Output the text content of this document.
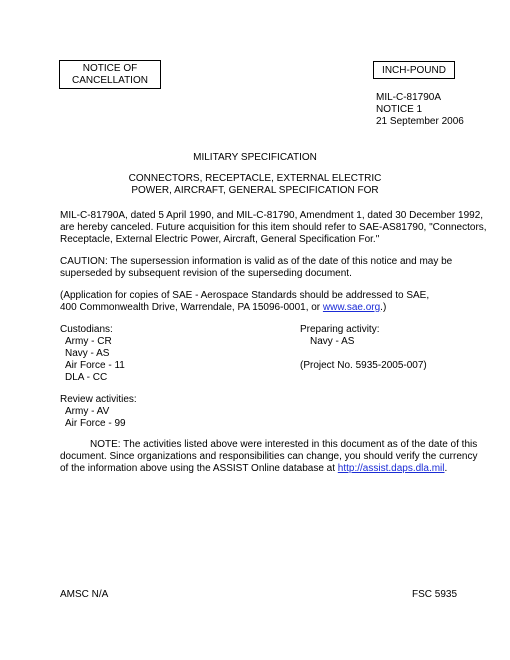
NOTICE OF
CANCELLATION
INCH-POUND
MIL-C-81790A
NOTICE 1
21 September 2006
MILITARY SPECIFICATION
CONNECTORS, RECEPTACLE, EXTERNAL ELECTRIC
POWER, AIRCRAFT, GENERAL SPECIFICATION FOR
MIL-C-81790A, dated 5 April 1990, and MIL-C-81790, Amendment 1, dated 30 December 1992,
are hereby canceled. Future acquisition for this item should refer to SAE-AS81790, "Connectors,
Receptacle, External Electric Power, Aircraft, General Specification For."
CAUTION: The supersession information is valid as of the date of this notice and may be
superseded by subsequent revision of the superseding document.
(Application for copies of SAE - Aerospace Standards should be addressed to SAE,
400 Commonwealth Drive, Warrendale, PA 15096-0001, or www.sae.org.)
Custodians:
Army - CR
Navy - AS
Air Force - 11
DLA - CC
Preparing activity:
Navy - AS

(Project No. 5935-2005-007)
Review activities:
Army - AV
Air Force - 99
NOTE: The activities listed above were interested in this document as of the date of this
document. Since organizations and responsibilities can change, you should verify the currency
of the information above using the ASSIST Online database at http://assist.daps.dla.mil.
AMSC N/A	FSC 5935
